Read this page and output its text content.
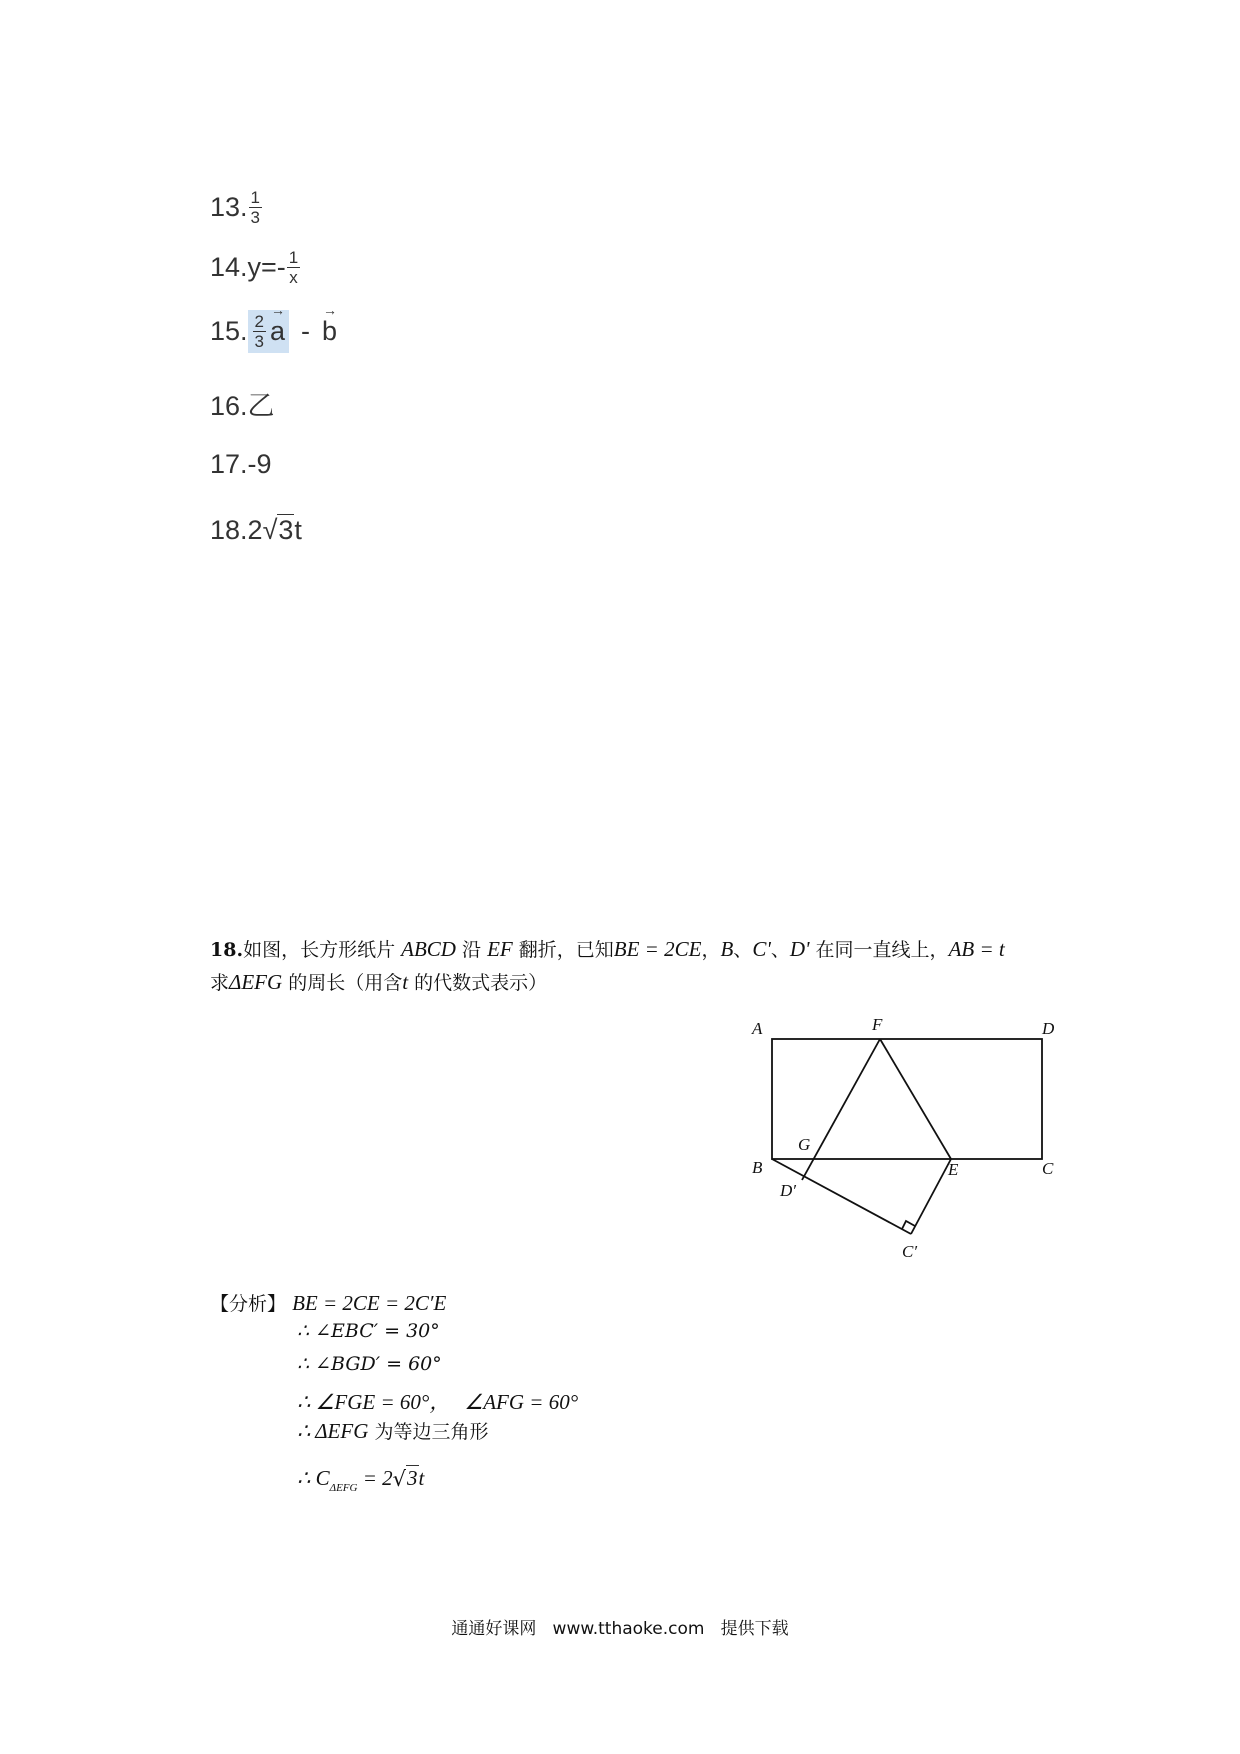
13. $\frac{1}{3}$
$14.y=- \frac{1}{x}$
15. $\frac{2}{3}$
→ a -
→ b
16.乙
17.-9
18.2 √ 3 t
18.如图，长方形纸片 ABCD 沿 EF 翻折，已知BE = 2CE，B、C'、D' 在同一直线上，AB = t
求ΔEFG 的周长（用含t 的代数式表示）
A	F	D
B
G
E	C
D′
C′
【分析】 BE = 2CE = 2C′E
∴ ∠EBC′ = 30°
∴ ∠BGD′ = 60°
∴ ∠FGE = 60°， ∠AFG = 60°
∴ ΔEFG 为等边三角形
∴ C ΔEFG = 2 √ 3 t
通通好课网   www.tthaoke.com   提供下载
